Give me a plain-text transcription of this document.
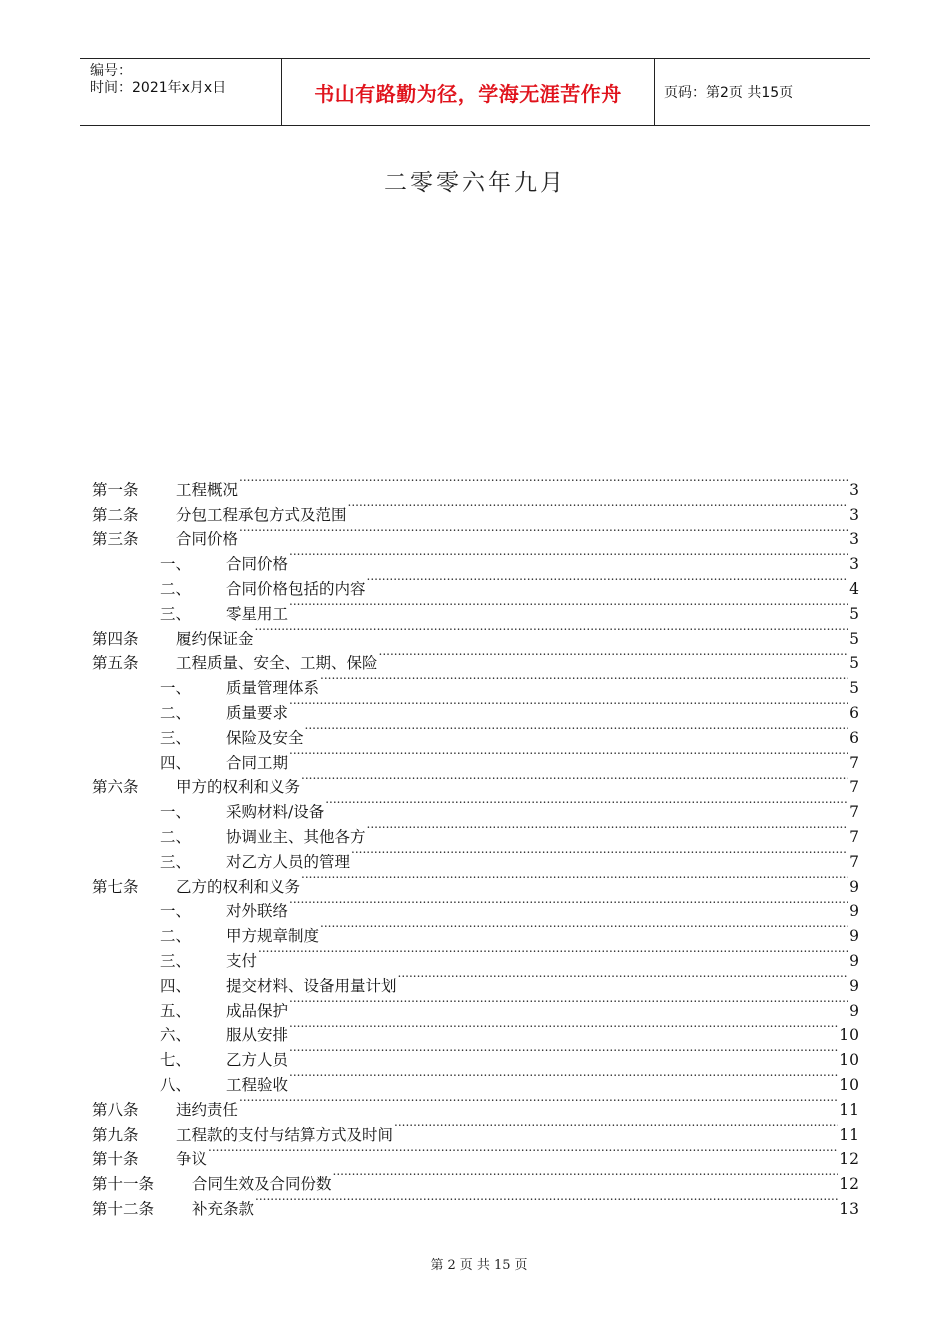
编号：
时间：2021年x月x日	书山有路勤为径，学海无涯苦作舟	页码：第2页 共15页
二零零六年九月
第一条	工程概况 .....	3
第二条	分包工程承包方式及范围 .....	3
第三条	合同价格 .....	3
一、	合同价格 .....	3
二、	合同价格包括的内容 .....	4
三、	零星用工 .....	5
第四条	履约保证金 .....	5
第五条	工程质量、安全、工期、保险 .....	5
一、	质量管理体系 .....	5
二、	质量要求 .....	6
三、	保险及安全 .....	6
四、	合同工期 .....	7
第六条	甲方的权利和义务 .....	7
一、	采购材料/设备 .....	7
二、	协调业主、其他各方 .....	7
三、	对乙方人员的管理 .....	7
第七条	乙方的权利和义务 .....	9
一、	对外联络 .....	9
二、	甲方规章制度 .....	9
三、	支付 .....	9
四、	提交材料、设备用量计划 .....	9
五、	成品保护 .....	9
六、	服从安排 .....	10
七、	乙方人员 .....	10
八、	工程验收 .....	10
第八条	违约责任 .....	11
第九条	工程款的支付与结算方式及时间 .....	11
第十条	争议 .....	12
第十一条	合同生效及合同份数 .....	12
第十二条	补充条款 .....	13
第 2 页 共 15 页
